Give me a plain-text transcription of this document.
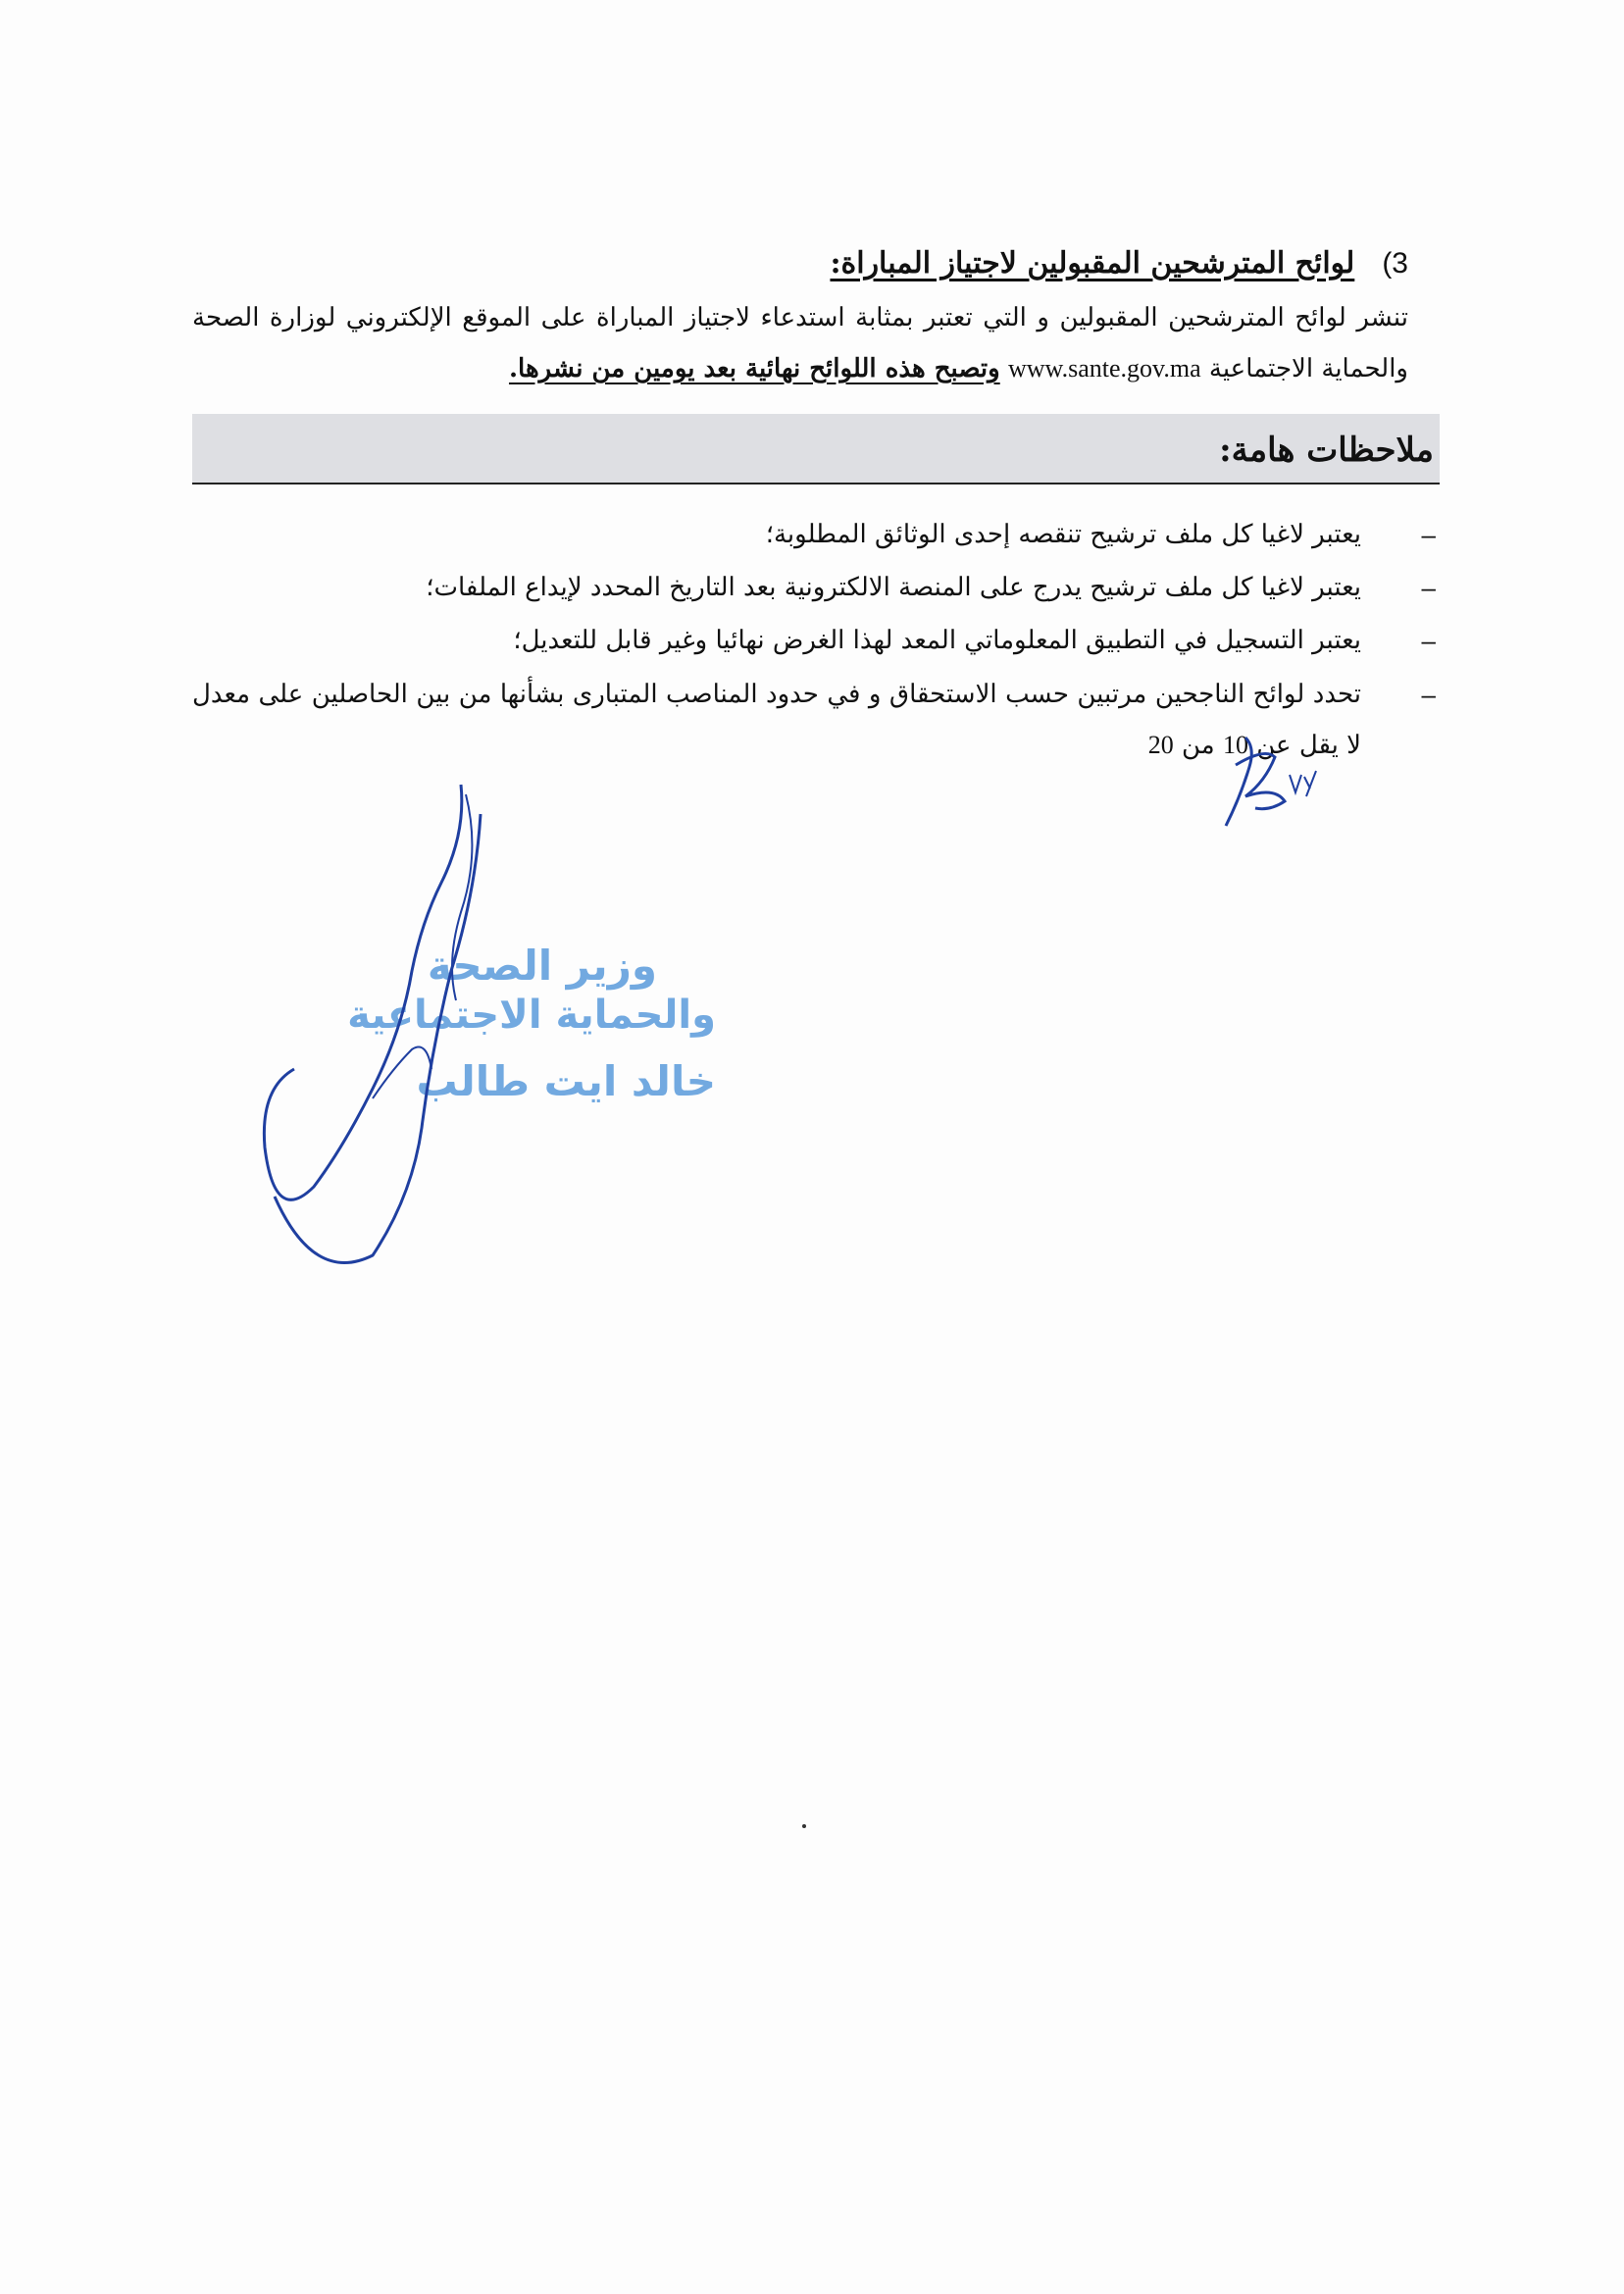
(3
لوائح المترشحين المقبولين لاجتياز المباراة:
تنشر لوائح المترشحين المقبولين و التي تعتبر بمثابة استدعاء لاجتياز المباراة على الموقع الإلكتروني لوزارة الصحة والحماية الاجتماعية www.sante.gov.ma وتصبح هذه اللوائح نهائية بعد يومين من نشرها.
ملاحظات هامة:
–
يعتبر لاغيا كل ملف ترشيح تنقصه إحدى الوثائق المطلوبة؛
–
يعتبر لاغيا كل ملف ترشيح يدرج على المنصة الالكترونية بعد التاريخ المحدد لإيداع الملفات؛
–
يعتبر التسجيل في التطبيق المعلوماتي المعد لهذا الغرض نهائيا وغير قابل للتعديل؛
–
تحدد لوائح الناجحين مرتبين حسب الاستحقاق و في حدود المناصب المتبارى بشأنها من بين الحاصلين على معدل لا يقل عن 10 من 20
وزير الصحة
والحماية الاجتماعية
خالد ايت طالب
